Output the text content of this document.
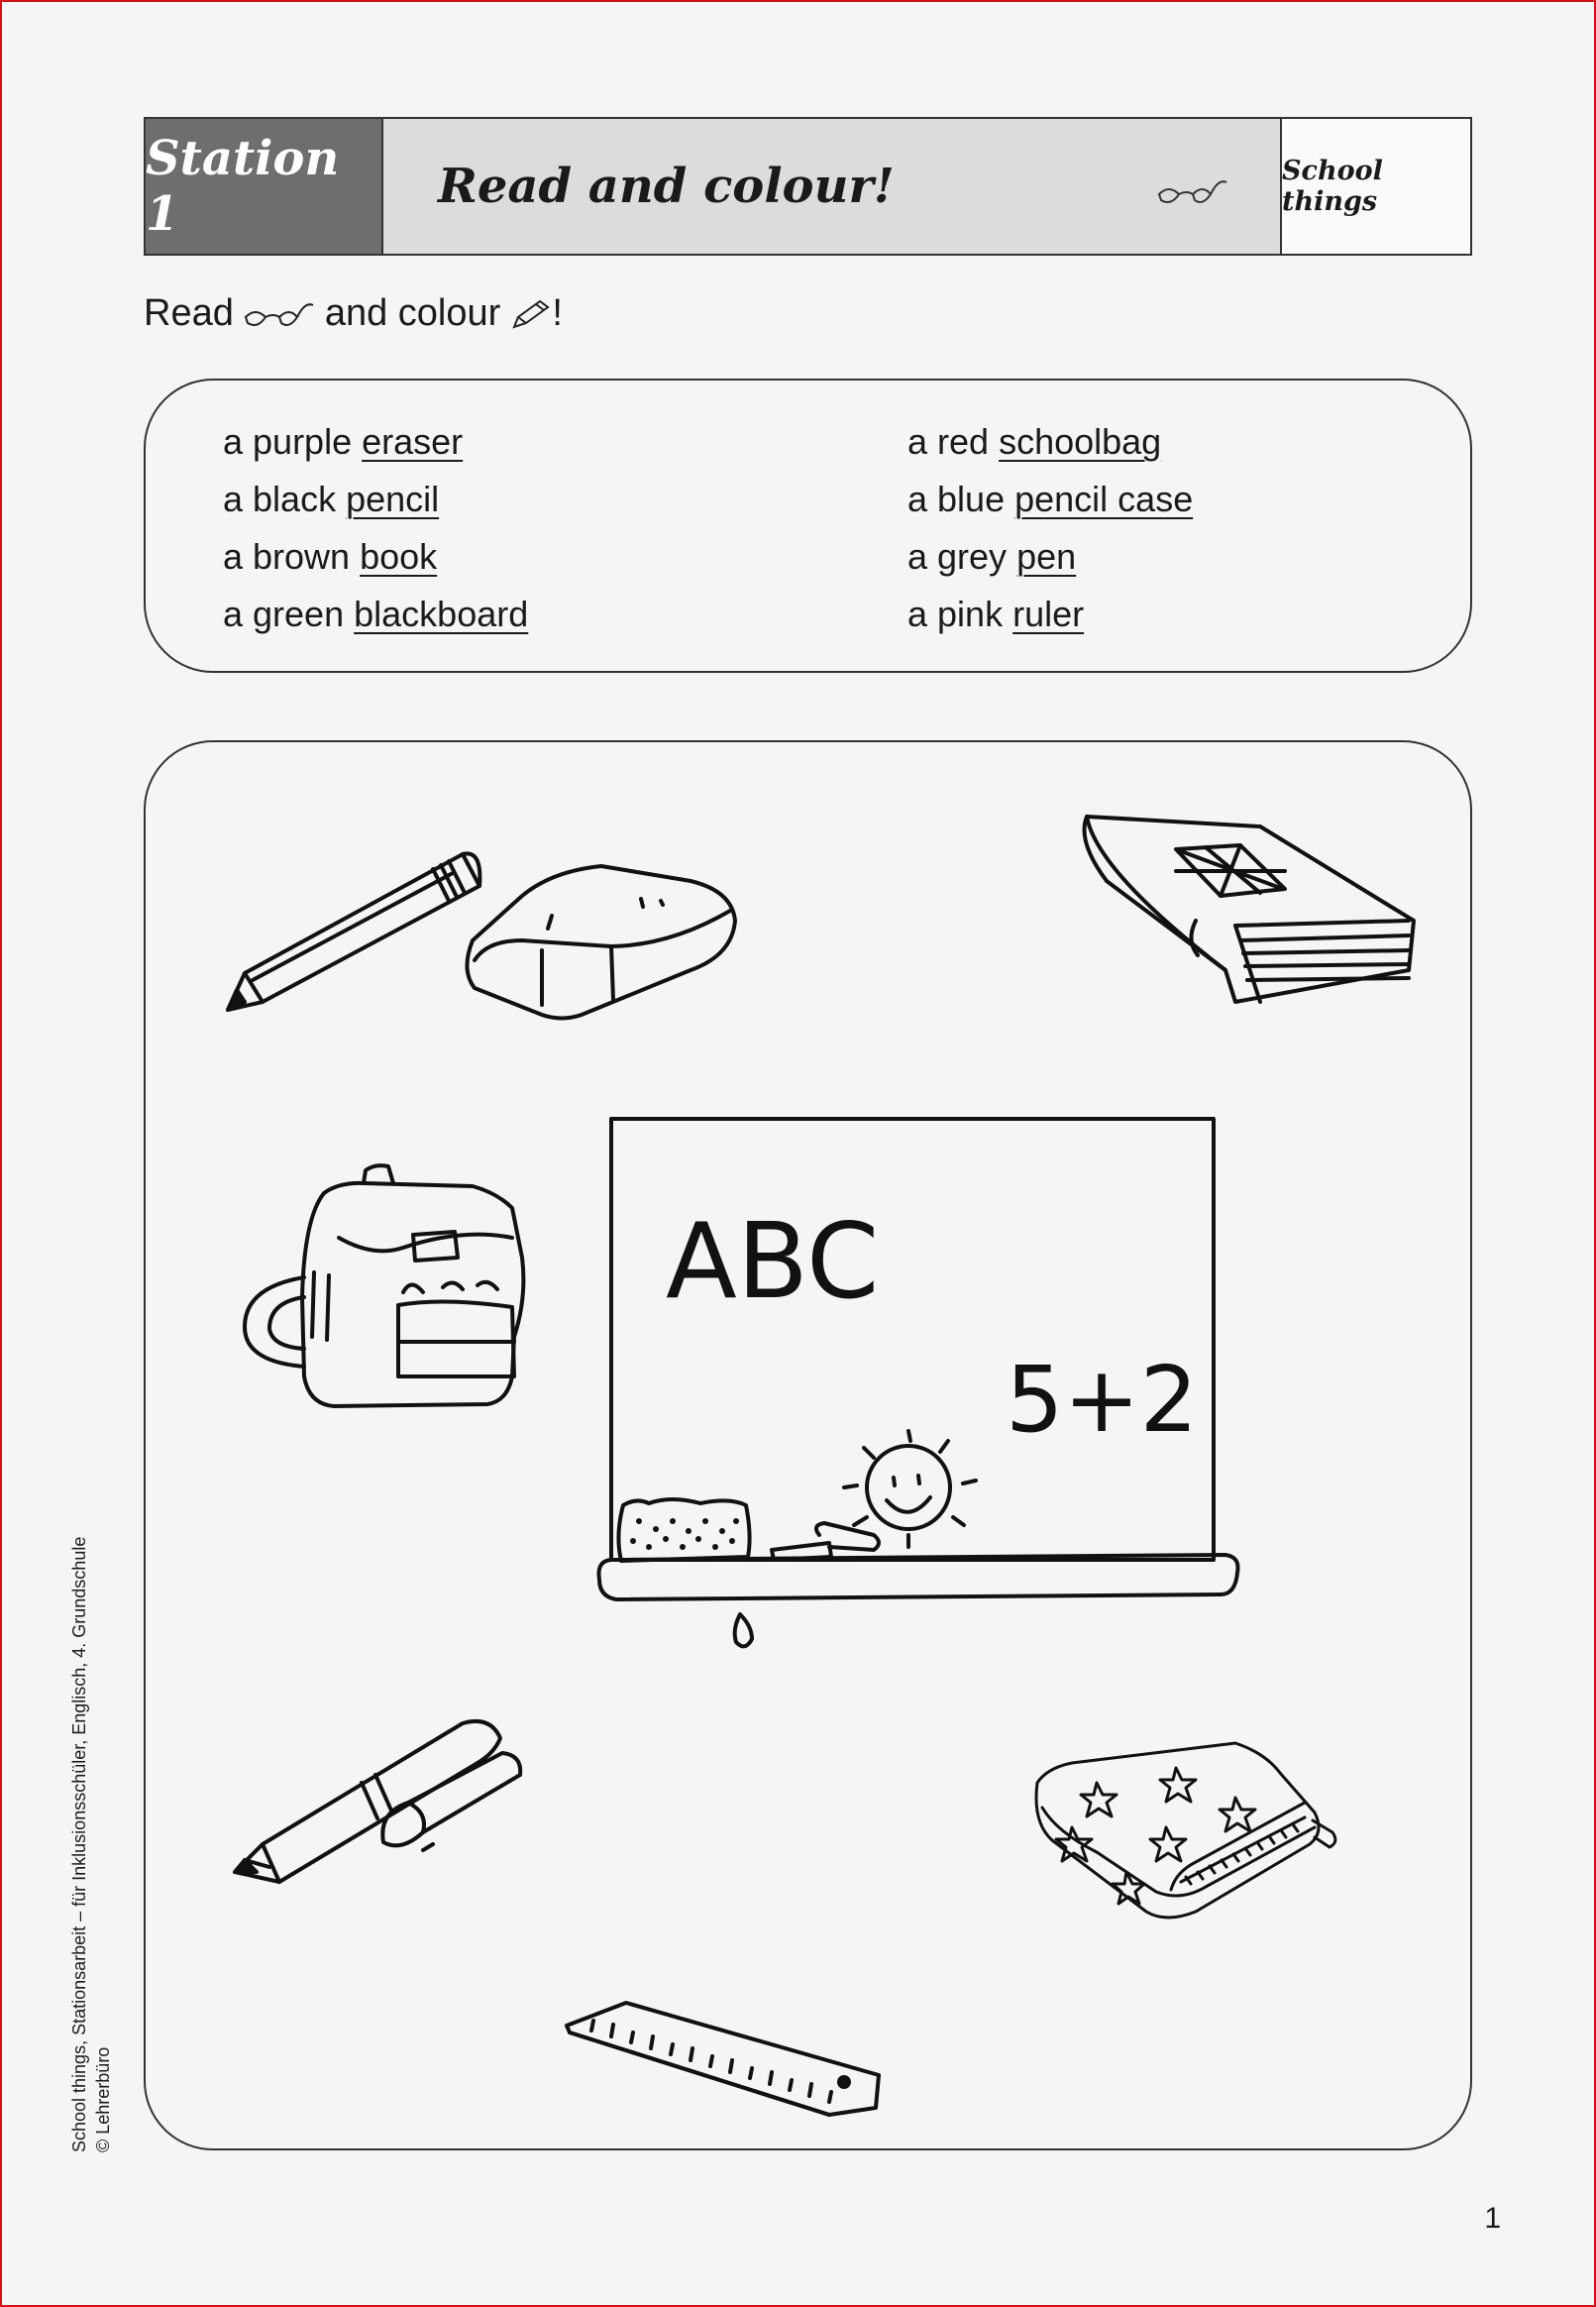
Station 1	Read and colour!	School things
Read and colour !
a purple eraser
a black pencil
a brown book
a green blackboard
a red schoolbag
a blue pencil case
a grey pen
a pink ruler
ABC
5+2
School things, Stationsarbeit – für Inklusionsschüler, Englisch, 4. Grundschule © Lehrerbüro
1
